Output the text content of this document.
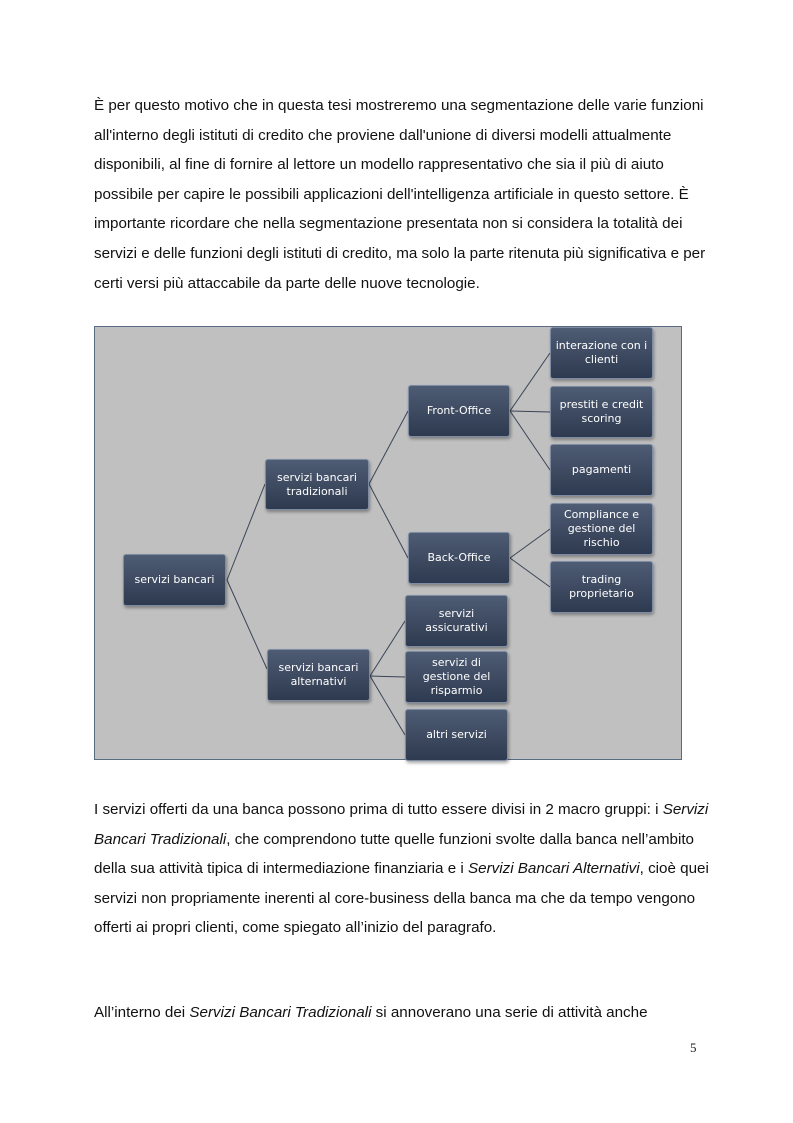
È per questo motivo che in questa tesi mostreremo una segmentazione delle varie funzioni all'interno degli istituti di credito che proviene dall'unione di diversi modelli attualmente disponibili, al fine di fornire al lettore un modello rappresentativo che sia il più di aiuto possibile per capire le possibili applicazioni dell'intelligenza artificiale in questo settore. È importante ricordare che nella segmentazione presentata non si considera la totalità dei servizi e delle funzioni degli istituti di credito, ma solo la parte ritenuta più significativa e per certi versi più attaccabile da parte delle nuove tecnologie.

servizi bancari
servizi bancari tradizionali
servizi bancari alternativi
Front-Office
Back-Office
interazione con i clienti
prestiti e credit scoring
pagamenti
Compliance e gestione del rischio
trading proprietario
servizi assicurativi
servizi di gestione del risparmio
altri servizi

I servizi offerti da una banca possono prima di tutto essere divisi in 2 macro gruppi: i Servizi Bancari Tradizionali, che comprendono tutte quelle funzioni svolte dalla banca nell’ambito della sua attività tipica di intermediazione finanziaria e i Servizi Bancari Alternativi, cioè quei servizi non propriamente inerenti al core-business della banca ma che da tempo vengono offerti ai propri clienti, come spiegato all’inizio del paragrafo.

All’interno dei Servizi Bancari Tradizionali si annoverano una serie di attività anche

5
